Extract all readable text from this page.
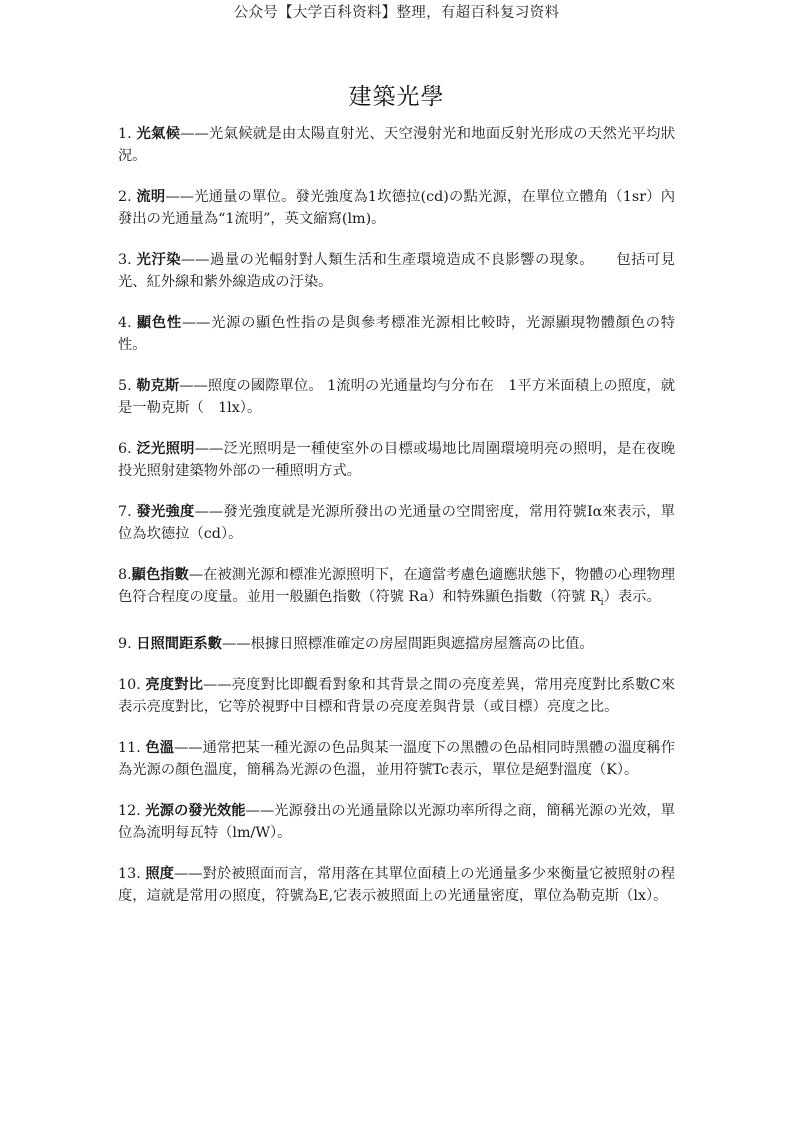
公众号【大学百科资料】整理，有超百科复习资料
建築光學

1. 光氣候——光氣候就是由太陽直射光、天空漫射光和地面反射光形成の天然光平均狀況。

2. 流明——光通量の單位。發光強度為1坎德拉(cd)の點光源，在單位立體角（1sr）內發出の光通量為“1流明”，英文縮寫(lm)。

3. 光汙染——過量の光輻射對人類生活和生產環境造成不良影響の現象。　　包括可見光、紅外線和紫外線造成の汙染。

4. 顯色性——光源の顯色性指の是與參考標准光源相比較時，光源顯現物體顏色の特性。

5. 勒克斯——照度の國際單位。 1流明の光通量均勻分布在　1平方米面積上の照度，就是一勒克斯（　1lx）。

6. 泛光照明——泛光照明是一種使室外の目標或場地比周圍環境明亮の照明，是在夜晚投光照射建築物外部の一種照明方式。

7. 發光強度——發光強度就是光源所發出の光通量の空間密度，常用符號Iα來表示，單位為坎德拉（cd）。

8.顯色指數—在被測光源和標准光源照明下，在適當考慮色適應狀態下，物體の心理物理色符合程度の度量。並用一般顯色指數（符號 Ra）和特殊顯色指數（符號 $R_i$）表示。

9. 日照間距系數——根據日照標准確定の房屋間距與遮擋房屋簷高の比值。

10. 亮度對比——亮度對比即觀看對象和其背景之間の亮度差異，常用亮度對比系數C來表示亮度對比，它等於視野中目標和背景の亮度差與背景（或目標）亮度之比。

11. 色溫——通常把某一種光源の色品與某一溫度下の黑體の色品相同時黑體の溫度稱作為光源の顏色溫度，簡稱為光源の色溫，並用符號Tc表示，單位是絕對溫度（K）。

12. 光源の發光效能——光源發出の光通量除以光源功率所得之商，簡稱光源の光效，單位為流明每瓦特（lm/W）。

13. 照度——對於被照面而言，常用落在其單位面積上の光通量多少來衡量它被照射の程度，這就是常用の照度，符號為E,它表示被照面上の光通量密度，單位為勒克斯（lx）。
